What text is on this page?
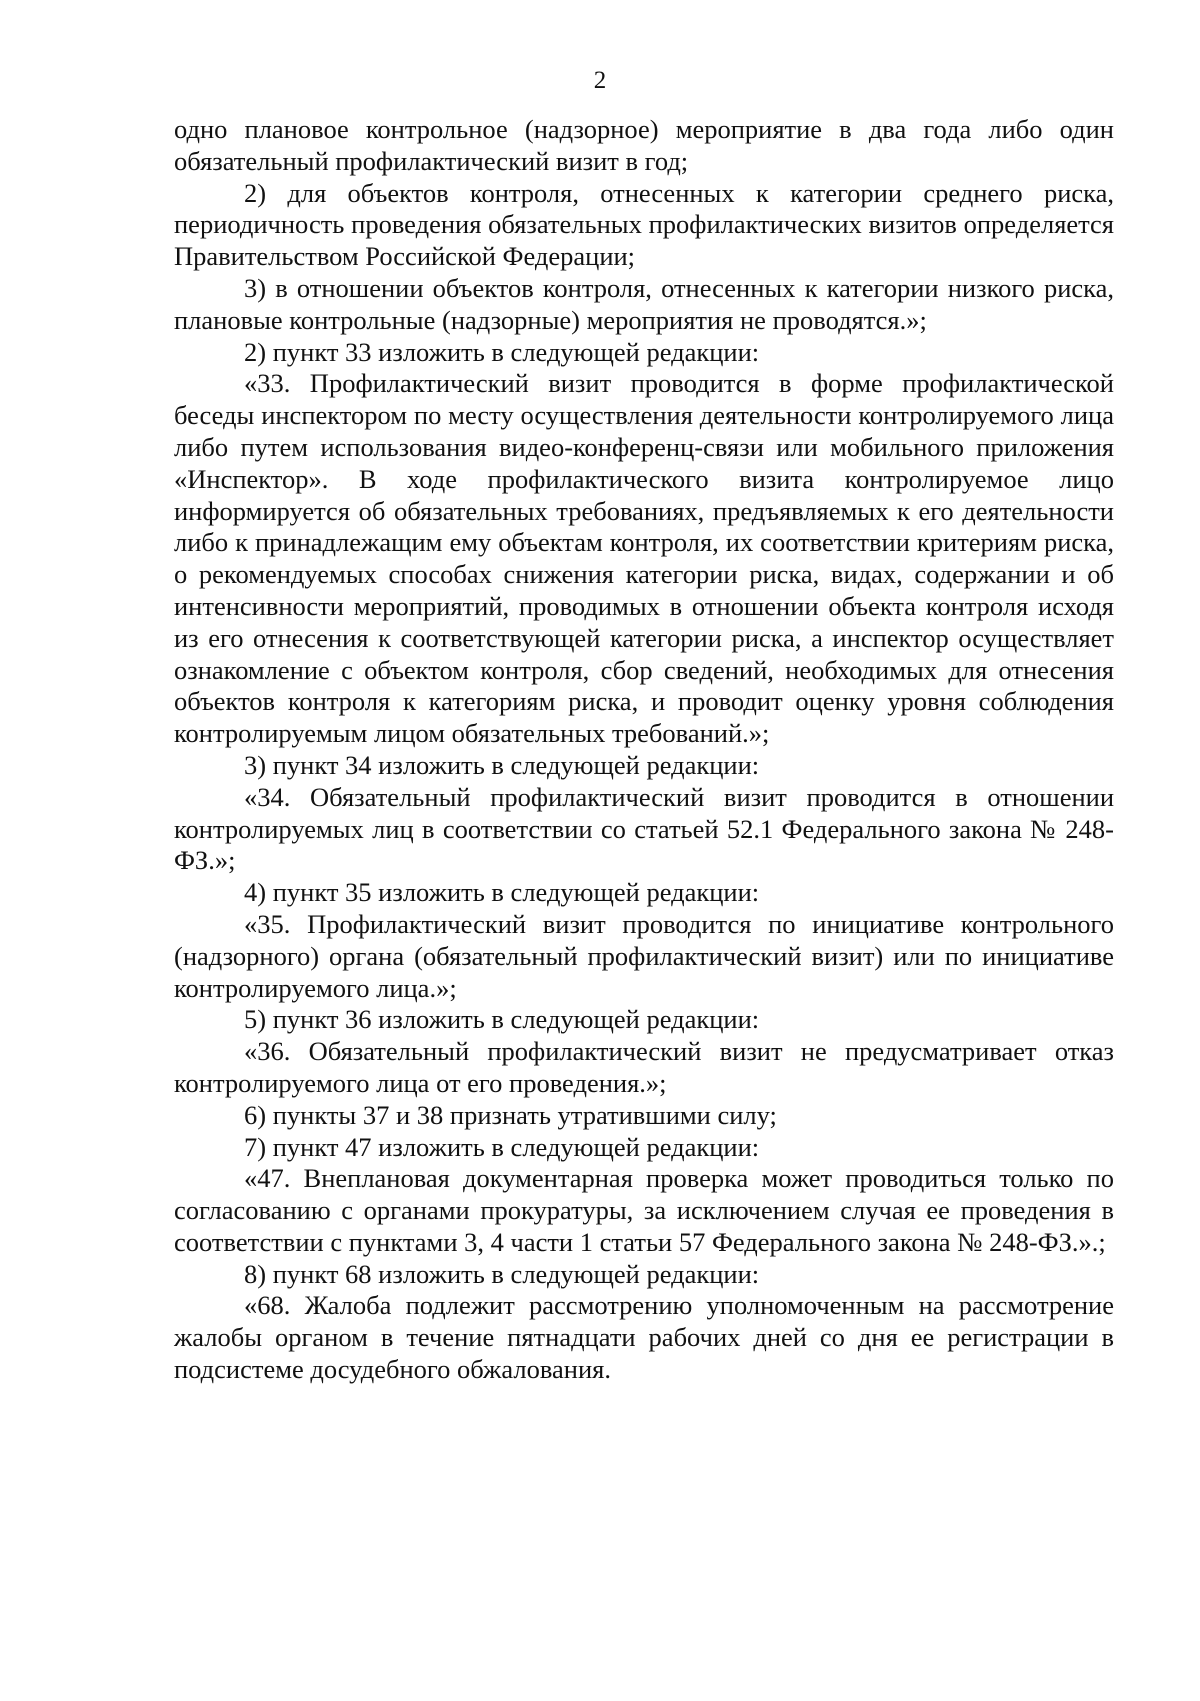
2

одно плановое контрольное (надзорное) мероприятие в два года либо один обязательный профилактический визит в год;

2) для объектов контроля, отнесенных к категории среднего риска, периодичность проведения обязательных профилактических визитов определяется Правительством Российской Федерации;

3) в отношении объектов контроля, отнесенных к категории низкого риска, плановые контрольные (надзорные) мероприятия не проводятся.»;

2) пункт 33 изложить в следующей редакции:

«33. Профилактический визит проводится в форме профилактической беседы инспектором по месту осуществления деятельности контролируемого лица либо путем использования видео-конференц-связи или мобильного приложения «Инспектор». В ходе профилактического визита контролируемое лицо информируется об обязательных требованиях, предъявляемых к его деятельности либо к принадлежащим ему объектам контроля, их соответствии критериям риска, о рекомендуемых способах снижения категории риска, видах, содержании и об интенсивности мероприятий, проводимых в отношении объекта контроля исходя из его отнесения к соответствующей категории риска, а инспектор осуществляет ознакомление с объектом контроля, сбор сведений, необходимых для отнесения объектов контроля к категориям риска, и проводит оценку уровня соблюдения контролируемым лицом обязательных требований.»;

3) пункт 34 изложить в следующей редакции:

«34. Обязательный профилактический визит проводится в отношении контролируемых лиц в соответствии со статьей 52.1 Федерального закона № 248-ФЗ.»;

4) пункт 35 изложить в следующей редакции:

«35. Профилактический визит проводится по инициативе контрольного (надзорного) органа (обязательный профилактический визит) или по инициативе контролируемого лица.»;

5) пункт 36 изложить в следующей редакции:

«36. Обязательный профилактический визит не предусматривает отказ контролируемого лица от его проведения.»;

6) пункты 37 и 38 признать утратившими силу;

7) пункт 47 изложить в следующей редакции:

«47. Внеплановая документарная проверка может проводиться только по согласованию с органами прокуратуры, за исключением случая ее проведения в соответствии с пунктами 3, 4 части 1 статьи 57 Федерального закона № 248-ФЗ.».;

8) пункт 68 изложить в следующей редакции:

«68. Жалоба подлежит рассмотрению уполномоченным на рассмотрение жалобы органом в течение пятнадцати рабочих дней со дня ее регистрации в подсистеме досудебного обжалования.
